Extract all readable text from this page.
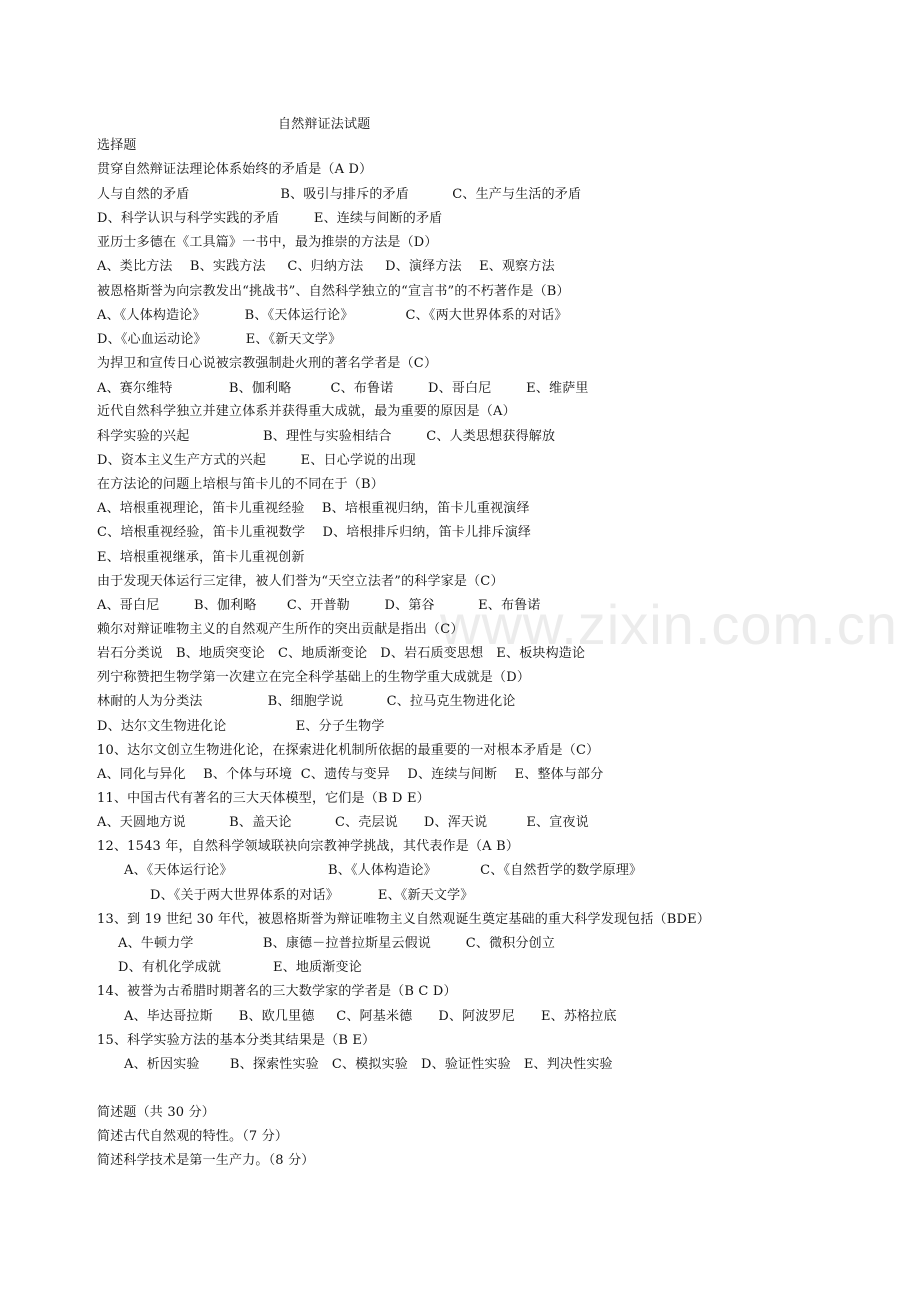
www.zixin.com.cn
自然辩证法试题
选择题
贯穿自然辩证法理论体系始终的矛盾是（A D）
人与自然的矛盾                     B、吸引与排斥的矛盾          C、生产与生活的矛盾
D、科学认识与科学实践的矛盾        E、连续与间断的矛盾
亚历士多德在《工具篇》一书中，最为推崇的方法是（D）
A、类比方法    B、实践方法     C、归纳方法     D、演绎方法    E、观察方法
被恩格斯誉为向宗教发出“挑战书”、自然科学独立的“宣言书”的不朽著作是（B）
A、《人体构造论》         B、《天体运行论》            C、《两大世界体系的对话》
D、《心血运动论》         E、《新天文学》
为捍卫和宣传日心说被宗教强制赴火刑的著名学者是（C）
A、赛尔维特             B、伽利略         C、布鲁诺        D、哥白尼        E、维萨里
近代自然科学独立并建立体系并获得重大成就，最为重要的原因是（A）
科学实验的兴起                 B、理性与实验相结合        C、人类思想获得解放
D、资本主义生产方式的兴起        E、日心学说的出现
在方法论的问题上培根与笛卡儿的不同在于（B）
A、培根重视理论，笛卡儿重视经验    B、培根重视归纳，笛卡儿重视演绎
C、培根重视经验，笛卡儿重视数学    D、培根排斥归纳，笛卡儿排斥演绎
E、培根重视继承，笛卡儿重视创新
由于发现天体运行三定律，被人们誉为“天空立法者”的科学家是（C）
A、哥白尼        B、伽利略       C、开普勒        D、第谷          E、布鲁诺
赖尔对辩证唯物主义的自然观产生所作的突出贡献是指出（C）
岩石分类说   B、地质突变论   C、地质渐变论   D、岩石质变思想   E、板块构造论
列宁称赞把生物学第一次建立在完全科学基础上的生物学重大成就是（D）
林耐的人为分类法               B、细胞学说          C、拉马克生物进化论
D、达尔文生物进化论                E、分子生物学
10、达尔文创立生物进化论，在探索进化机制所依据的最重要的一对根本矛盾是（C）
A、同化与异化    B、个体与环境  C、遗传与变异    D、连续与间断    E、整体与部分
11、中国古代有著名的三大天体模型，它们是（B D E）
A、天圆地方说          B、盖天论          C、壳层说      D、浑天说         E、宣夜说
12、1543 年，自然科学领域联袂向宗教神学挑战，其代表作是（A B）
A、《天体运行论》                      B、《人体构造论》          C、《自然哲学的数学原理》
D、《关于两大世界体系的对话》         E、《新天文学》
13、到 19 世纪 30 年代，被恩格斯誉为辩证唯物主义自然观诞生奠定基础的重大科学发现包括（BDE）
A、牛顿力学                B、康德－拉普拉斯星云假说        C、微积分创立
D、有机化学成就            E、地质渐变论
14、被誉为古希腊时期著名的三大数学家的学者是（B C D）
A、毕达哥拉斯      B、欧几里德     C、阿基米德      D、阿波罗尼      E、苏格拉底
15、科学实验方法的基本分类其结果是（B E）
A、析因实验       B、探索性实验   C、模拟实验   D、验证性实验   E、判决性实验
简述题（共 30 分）
简述古代自然观的特性。（7 分）
简述科学技术是第一生产力。（8 分）
